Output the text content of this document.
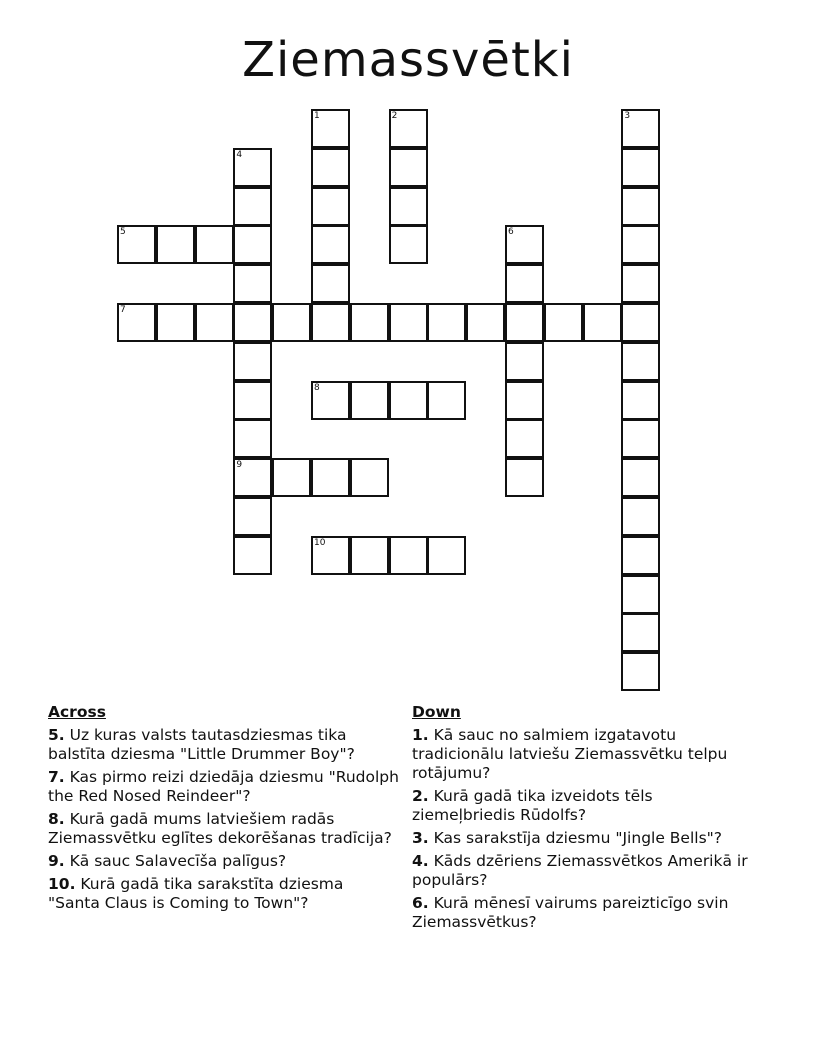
Ziemassvētki
1	2	3
4
9
5	6
7
8
10
Across
5. Uz kuras valsts tautasdziesmas tika balstīta dziesma "Little Drummer Boy"?
7. Kas pirmo reizi dziedāja dziesmu "Rudolph the Red Nosed Reindeer"?
8. Kurā gadā mums latviešiem radās Ziemassvētku eglītes dekorēšanas tradīcija?
9. Kā sauc Salavecīša palīgus?
10. Kurā gadā tika sarakstīta dziesma "Santa Claus is Coming to Town"?
Down
1. Kā sauc no salmiem izgatavotu tradicionālu latviešu Ziemassvētku telpu rotājumu?
2. Kurā gadā tika izveidots tēls ziemeļbriedis Rūdolfs?
3. Kas sarakstīja dziesmu "Jingle Bells"?
4. Kāds dzēriens Ziemassvētkos Amerikā ir populārs?
6. Kurā mēnesī vairums pareizticīgo svin Ziemassvētkus?
